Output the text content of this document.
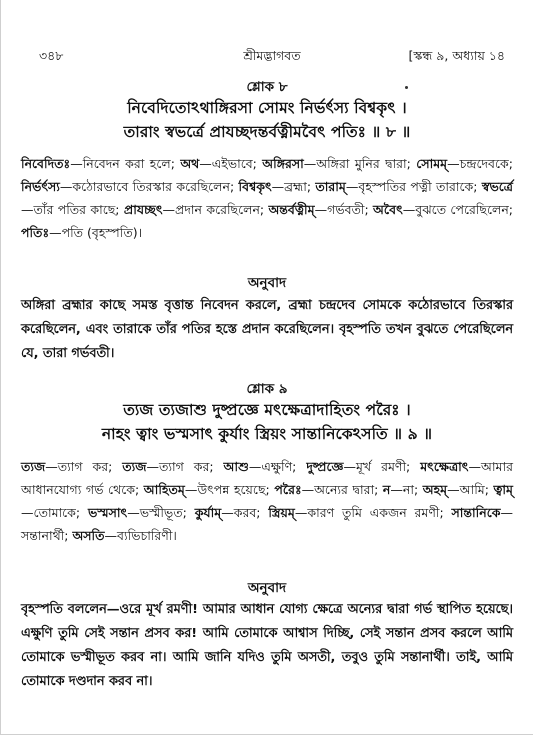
৩৪৮	শ্রীমদ্ভাগবত	[স্কন্ধ ৯, অধ্যায় ১৪
শ্লোক ৮
নিবেদিতোঽথাঙ্গিরসা সোমং নির্ভর্ৎস্য বিশ্বকৃৎ ।
তারাং স্বভর্ত্রে প্রাযচ্ছদন্তর্বত্নীমবৈৎ পতিঃ ॥ ৮ ॥
নিবেদিতঃ—নিবেদন করা হলে; অথ—এইভাবে; অঙ্গিরসা—অঙ্গিরা মুনির দ্বারা; সোমম্—চন্দ্রদেবকে; নির্ভর্ৎস্য—কঠোরভাবে তিরস্কার করেছিলেন; বিশ্বকৃৎ—ব্রহ্মা; তারাম্—বৃহস্পতির পত্নী তারাকে; স্বভর্ত্রে—তাঁর পতির কাছে; প্রাযচ্ছৎ—প্রদান করেছিলেন; অন্তর্বত্নীম্—গর্ভবতী; অবৈৎ—বুঝতে পেরেছিলেন; পতিঃ—পতি (বৃহস্পতি)।
অনুবাদ
অঙ্গিরা ব্রহ্মার কাছে সমস্ত বৃত্তান্ত নিবেদন করলে, ব্রহ্মা চন্দ্রদেব সোমকে কঠোরভাবে তিরস্কার করেছিলেন, এবং তারাকে তাঁর পতির হস্তে প্রদান করেছিলেন। বৃহস্পতি তখন বুঝতে পেরেছিলেন যে, তারা গর্ভবতী।
শ্লোক ৯
ত্যজ ত্যজাশু দুষ্প্রজ্ঞে মৎক্ষেত্রাদাহিতং পরৈঃ ।
নাহং ত্বাং ভস্মসাৎ কুর্যাং স্ত্রিয়ং সান্তানিকেঽসতি ॥ ৯ ॥
ত্যজ—ত্যাগ কর; ত্যজ—ত্যাগ কর; আশু—এক্ষুণি; দুষ্প্রজ্ঞে—মূর্খ রমণী; মৎক্ষেত্রাৎ—আমার আধানযোগ্য গর্ভ থেকে; আহিতম্—উৎপন্ন হয়েছে; পরৈঃ—অন্যের দ্বারা; ন—না; অহম্—আমি; ত্বাম্—তোমাকে; ভস্মসাৎ—ভস্মীভূত; কুর্যাম্—করব; স্ত্রিয়ম্—কারণ তুমি একজন রমণী; সান্তানিকে—সন্তানার্থী; অসতি—ব্যভিচারিণী।
অনুবাদ
বৃহস্পতি বললেন—ওরে মূর্খ রমণী! আমার আধান যোগ্য ক্ষেত্রে অন্যের দ্বারা গর্ভ স্থাপিত হয়েছে। এক্ষুণি তুমি সেই সন্তান প্রসব কর! আমি তোমাকে আশ্বাস দিচ্ছি, সেই সন্তান প্রসব করলে আমি তোমাকে ভস্মীভূত করব না। আমি জানি যদিও তুমি অসতী, তবুও তুমি সন্তানার্থী। তাই, আমি তোমাকে দণ্ডদান করব না।
